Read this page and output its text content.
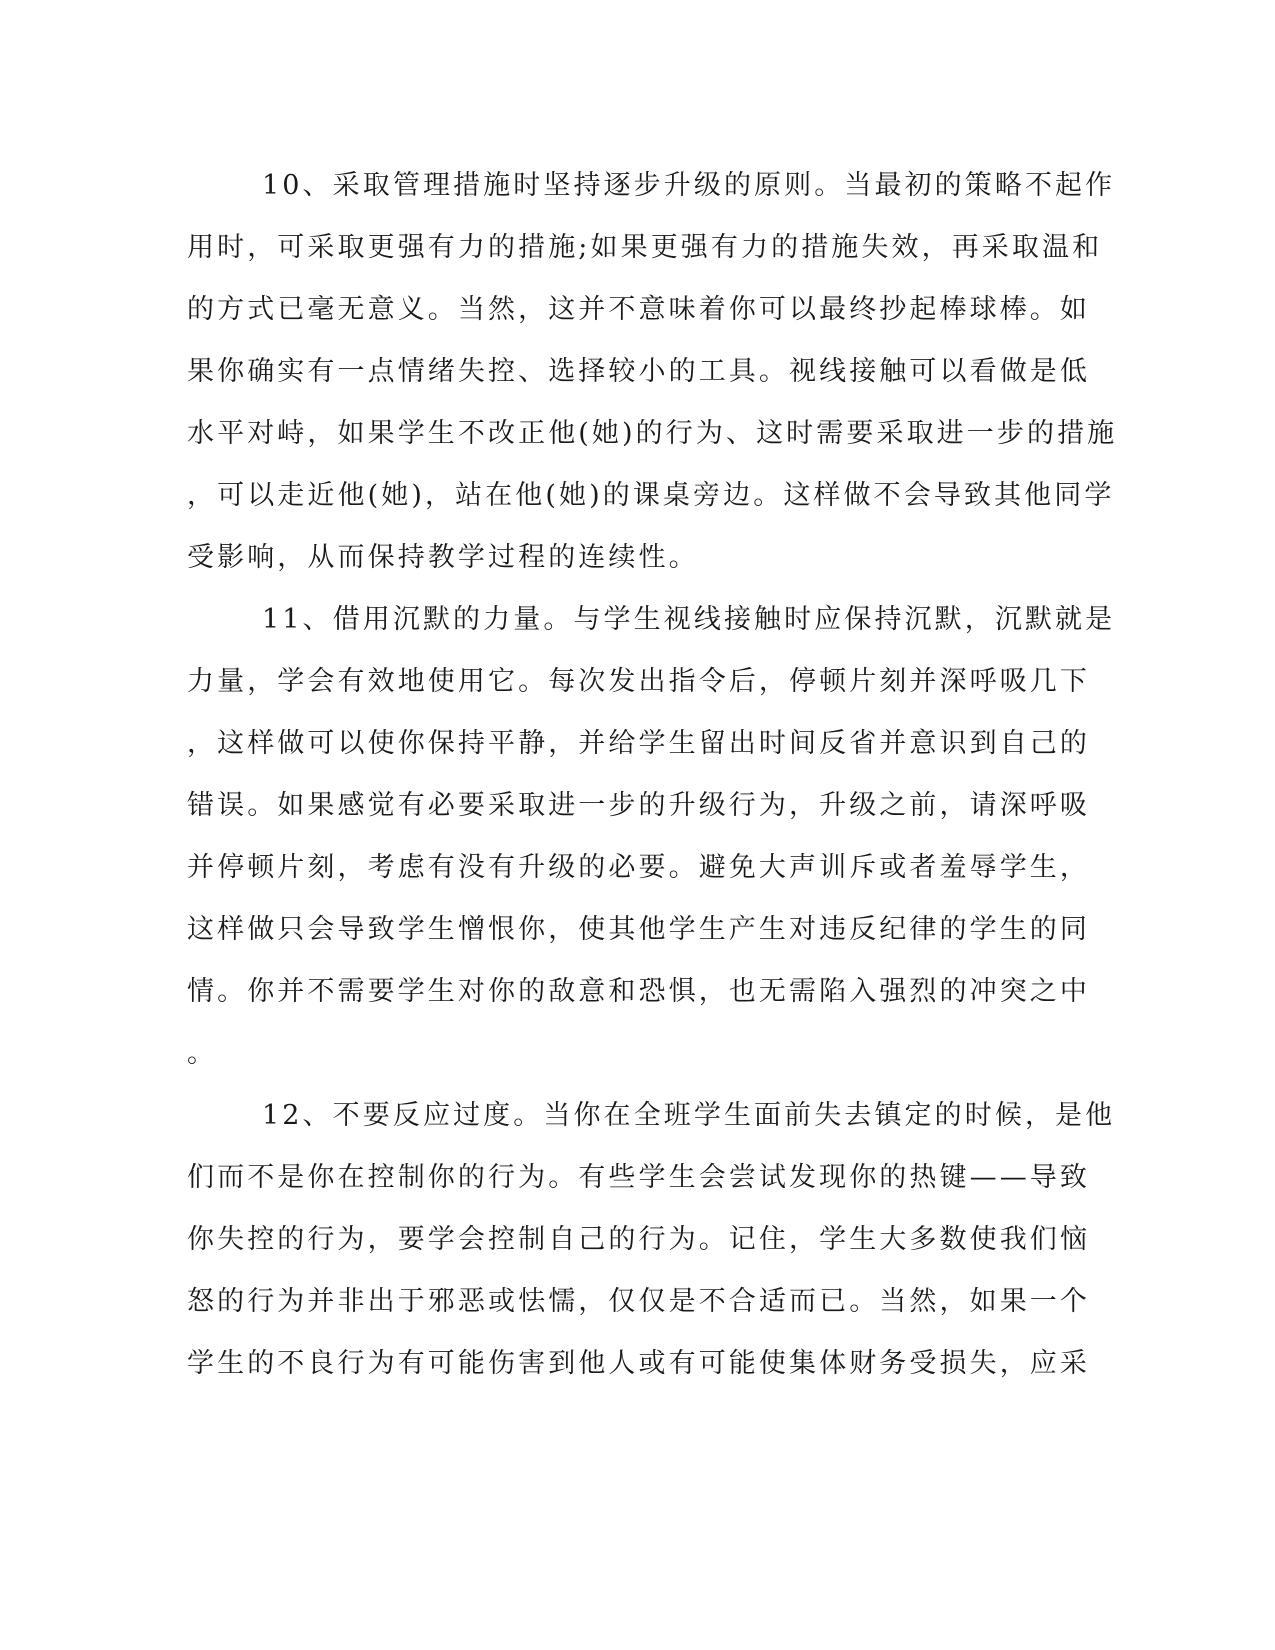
10、采取管理措施时坚持逐步升级的原则。当最初的策略不起作
用时，可采取更强有力的措施;如果更强有力的措施失效，再采取温和
的方式已毫无意义。当然，这并不意味着你可以最终抄起棒球棒。如
果你确实有一点情绪失控、选择较小的工具。视线接触可以看做是低
水平对峙，如果学生不改正他(她)的行为、这时需要采取进一步的措施
，可以走近他(她)，站在他(她)的课桌旁边。这样做不会导致其他同学
受影响，从而保持教学过程的连续性。
11、借用沉默的力量。与学生视线接触时应保持沉默，沉默就是
力量，学会有效地使用它。每次发出指令后，停顿片刻并深呼吸几下
，这样做可以使你保持平静，并给学生留出时间反省并意识到自己的
错误。如果感觉有必要采取进一步的升级行为，升级之前，请深呼吸
并停顿片刻，考虑有没有升级的必要。避免大声训斥或者羞辱学生，
这样做只会导致学生憎恨你，使其他学生产生对违反纪律的学生的同
情。你并不需要学生对你的敌意和恐惧，也无需陷入强烈的冲突之中
。
12、不要反应过度。当你在全班学生面前失去镇定的时候，是他
们而不是你在控制你的行为。有些学生会尝试发现你的热键——导致
你失控的行为，要学会控制自己的行为。记住，学生大多数使我们恼
怒的行为并非出于邪恶或怯懦，仅仅是不合适而已。当然，如果一个
学生的不良行为有可能伤害到他人或有可能使集体财务受损失，应采
